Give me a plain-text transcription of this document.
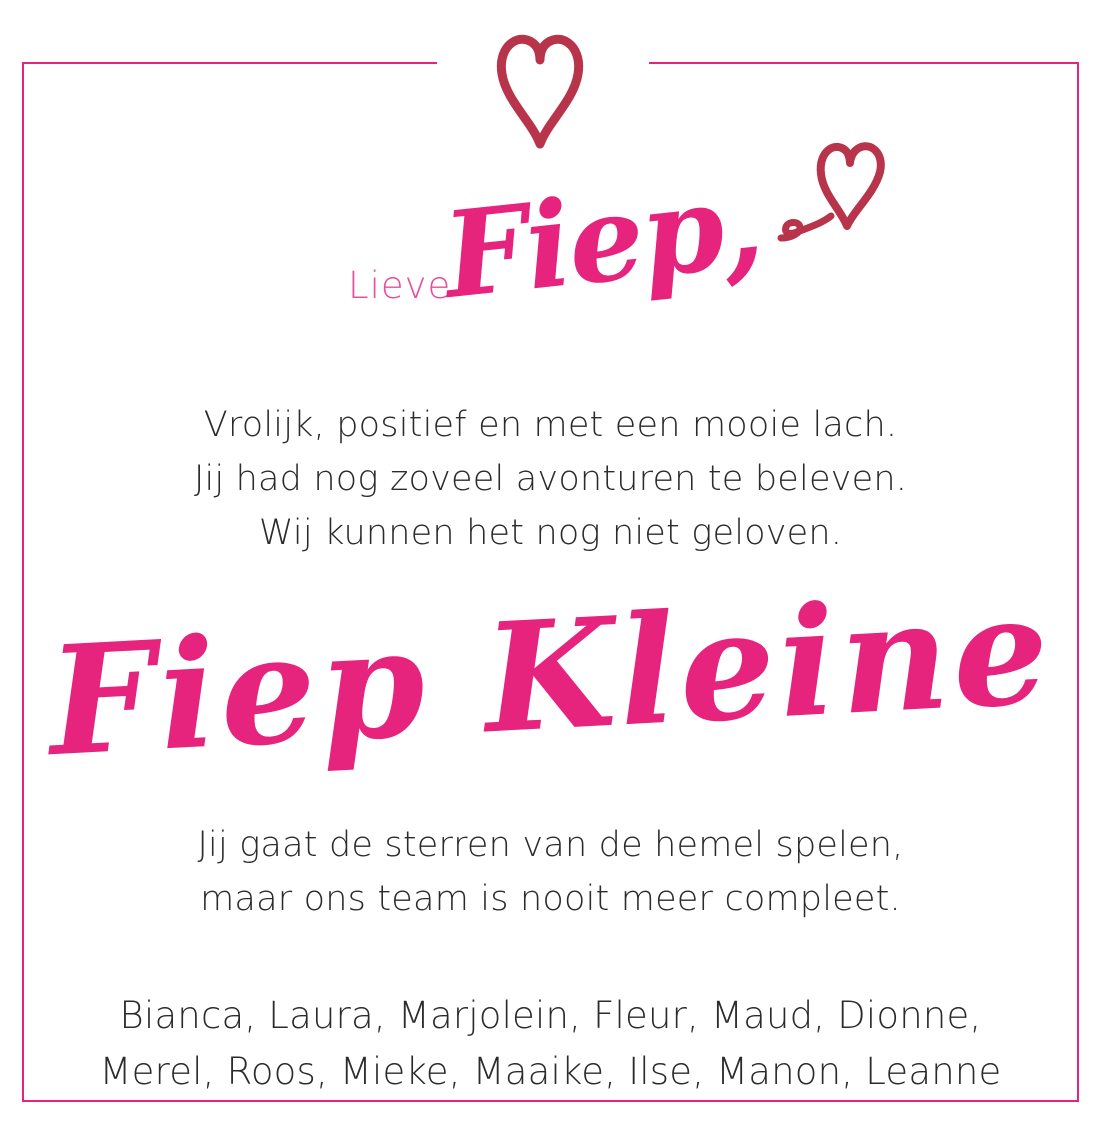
Lieve
Fiep,
Vrolijk, positief en met een mooie lach.
Jij had nog zoveel avonturen te beleven.
Wij kunnen het nog niet geloven.
Fiep Kleine
Jij gaat de sterren van de hemel spelen,
maar ons team is nooit meer compleet.
Bianca, Laura, Marjolein, Fleur, Maud, Dionne,
Merel, Roos, Mieke, Maaike, Ilse, Manon, Leanne
